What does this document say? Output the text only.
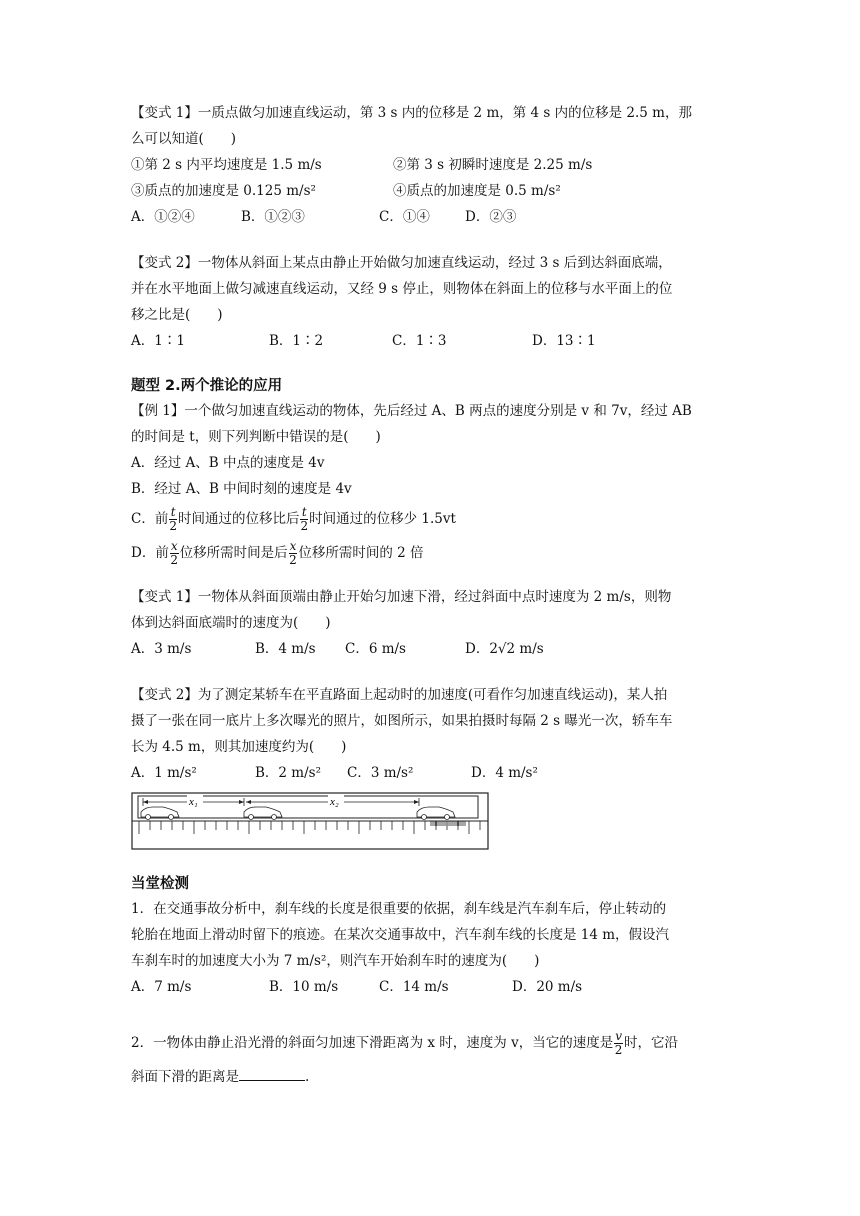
【变式 1】一质点做匀加速直线运动，第 3 s 内的位移是 2 m，第 4 s 内的位移是 2.5 m，那

么可以知道(　　)

①第 2 s 内平均速度是 1.5 m/s	②第 3 s 初瞬时速度是 2.25 m/s

③质点的加速度是 0.125 m/s²	④质点的加速度是 0.5 m/s²

A．①②④	B．①②③	C．①④	D．②③

【变式 2】一物体从斜面上某点由静止开始做匀加速直线运动，经过 3 s 后到达斜面底端，

并在水平地面上做匀减速直线运动，又经 9 s 停止，则物体在斜面上的位移与水平面上的位

移之比是(　　)

A．1∶1	B．1∶2	C．1∶3	D．13∶1

题型 2.两个推论的应用

【例 1】一个做匀加速直线运动的物体，先后经过 A、B 两点的速度分别是 v 和 7v，经过 AB

的时间是 t，则下列判断中错误的是(　　)

A．经过 A、B 中点的速度是 4v

B．经过 A、B 中间时刻的速度是 4v

C．前 $\frac{t}{2}$ 时间通过的位移比后 $\frac{t}{2}$ 时间通过的位移少 1.5vt

D．前 $\frac{x}{2}$ 位移所需时间是后 $\frac{x}{2}$ 位移所需时间的 2 倍

【变式 1】一物体从斜面顶端由静止开始匀加速下滑，经过斜面中点时速度为 2 m/s，则物

体到达斜面底端时的速度为(　　)

A．3 m/s	B．4 m/s C．6 m/s	D．2√2 m/s

【变式 2】为了测定某轿车在平直路面上起动时的加速度(可看作匀加速直线运动)，某人拍

摄了一张在同一底片上多次曝光的照片，如图所示，如果拍摄时每隔 2 s 曝光一次，轿车车

长为 4.5 m，则其加速度约为(　　)

A．1 m/s²	B．2 m/s² C．3 m/s²	D．4 m/s²

x₁	x₂

当堂检测

1．在交通事故分析中，刹车线的长度是很重要的依据，刹车线是汽车刹车后，停止转动的

轮胎在地面上滑动时留下的痕迹。在某次交通事故中，汽车刹车线的长度是 14 m，假设汽

车刹车时的加速度大小为 7 m/s²，则汽车开始刹车时的速度为(　　)

A．7 m/s	B．10 m/s	C．14 m/s	D．20 m/s

2．一物体由静止沿光滑的斜面匀加速下滑距离为 x 时，速度为 v，当它的速度是 $\frac{v}{2}$ 时，它沿

斜面下滑的距离是	.
